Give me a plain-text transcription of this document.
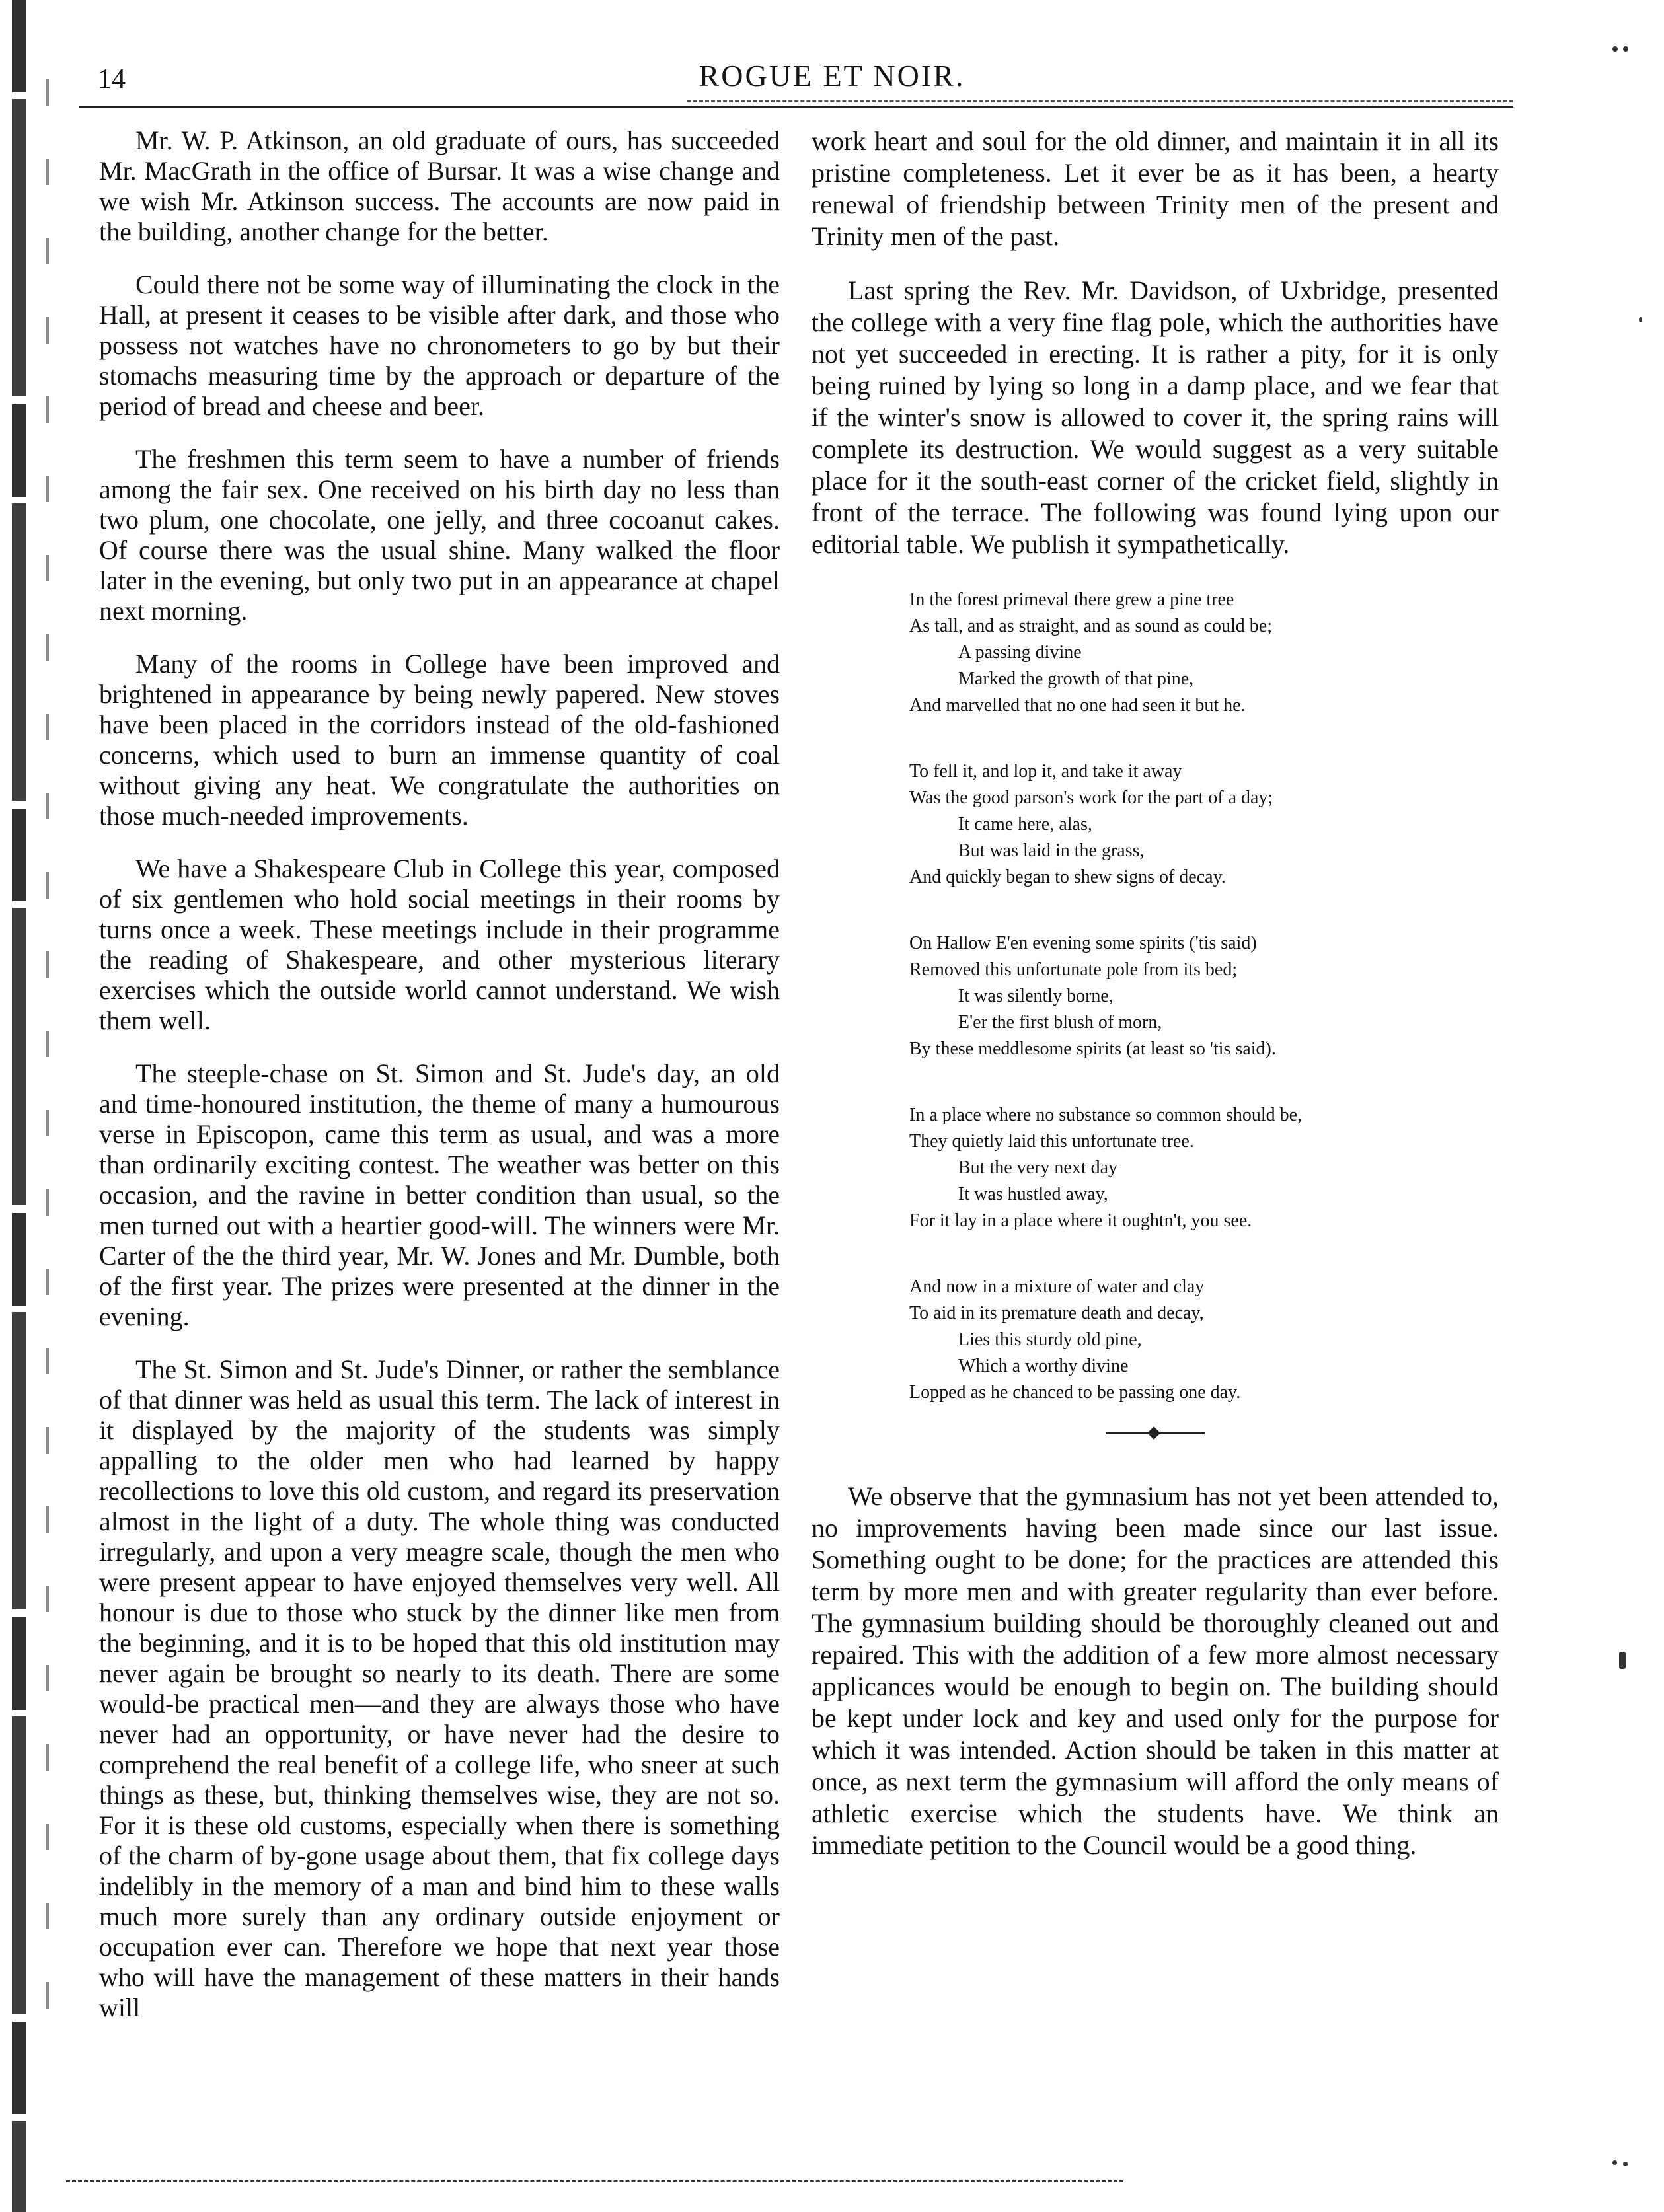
14	ROGUE ET NOIR.

Mr. W. P. Atkinson, an old graduate of ours, has succeeded Mr. MacGrath in the office of Bursar. It was a wise change and we wish Mr. Atkinson success. The accounts are now paid in the building, another change for the better.

Could there not be some way of illuminating the clock in the Hall, at present it ceases to be visible after dark, and those who possess not watches have no chronometers to go by but their stomachs measuring time by the approach or departure of the period of bread and cheese and beer.

The freshmen this term seem to have a number of friends among the fair sex. One received on his birth day no less than two plum, one chocolate, one jelly, and three cocoanut cakes. Of course there was the usual shine. Many walked the floor later in the evening, but only two put in an appearance at chapel next morning.

Many of the rooms in College have been improved and brightened in appearance by being newly papered. New stoves have been placed in the corridors instead of the old-fashioned concerns, which used to burn an immense quantity of coal without giving any heat. We congratulate the authorities on those much-needed improvements.

We have a Shakespeare Club in College this year, composed of six gentlemen who hold social meetings in their rooms by turns once a week. These meetings include in their programme the reading of Shakespeare, and other mysterious literary exercises which the outside world cannot understand. We wish them well.

The steeple-chase on St. Simon and St. Jude's day, an old and time-honoured institution, the theme of many a humourous verse in Episcopon, came this term as usual, and was a more than ordinarily exciting contest. The weather was better on this occasion, and the ravine in better condition than usual, so the men turned out with a heartier good-will. The winners were Mr. Carter of the the third year, Mr. W. Jones and Mr. Dumble, both of the first year. The prizes were presented at the dinner in the evening.

The St. Simon and St. Jude's Dinner, or rather the semblance of that dinner was held as usual this term. The lack of interest in it displayed by the majority of the students was simply appalling to the older men who had learned by happy recollections to love this old custom, and regard its preservation almost in the light of a duty. The whole thing was conducted irregularly, and upon a very meagre scale, though the men who were present appear to have enjoyed themselves very well. All honour is due to those who stuck by the dinner like men from the beginning, and it is to be hoped that this old institution may never again be brought so nearly to its death. There are some would-be practical men—and they are always those who have never had an opportunity, or have never had the desire to comprehend the real benefit of a college life, who sneer at such things as these, but, thinking themselves wise, they are not so. For it is these old customs, especially when there is something of the charm of by-gone usage about them, that fix college days indelibly in the memory of a man and bind him to these walls much more surely than any ordinary outside enjoyment or occupation ever can. Therefore we hope that next year those who will have the management of these matters in their hands will

work heart and soul for the old dinner, and maintain it in all its pristine completeness. Let it ever be as it has been, a hearty renewal of friendship between Trinity men of the present and Trinity men of the past.

Last spring the Rev. Mr. Davidson, of Uxbridge, presented the college with a very fine flag pole, which the authorities have not yet succeeded in erecting. It is rather a pity, for it is only being ruined by lying so long in a damp place, and we fear that if the winter's snow is allowed to cover it, the spring rains will complete its destruction. We would suggest as a very suitable place for it the south-east corner of the cricket field, slightly in front of the terrace. The following was found lying upon our editorial table. We publish it sympathetically.

In the forest primeval there grew a pine tree
As tall, and as straight, and as sound as could be;
A passing divine
Marked the growth of that pine,
And marvelled that no one had seen it but he.
To fell it, and lop it, and take it away
Was the good parson's work for the part of a day;
It came here, alas,
But was laid in the grass,
And quickly began to shew signs of decay.
On Hallow E'en evening some spirits ('tis said)
Removed this unfortunate pole from its bed;
It was silently borne,
E'er the first blush of morn,
By these meddlesome spirits (at least so 'tis said).
In a place where no substance so common should be,
They quietly laid this unfortunate tree.
But the very next day
It was hustled away,
For it lay in a place where it oughtn't, you see.
And now in a mixture of water and clay
To aid in its premature death and decay,
Lies this sturdy old pine,
Which a worthy divine
Lopped as he chanced to be passing one day.

We observe that the gymnasium has not yet been attended to, no improvements having been made since our last issue. Something ought to be done; for the practices are attended this term by more men and with greater regularity than ever before. The gymnasium building should be thoroughly cleaned out and repaired. This with the addition of a few more almost necessary applicances would be enough to begin on. The building should be kept under lock and key and used only for the purpose for which it was intended. Action should be taken in this matter at once, as next term the gymnasium will afford the only means of athletic exercise which the students have. We think an immediate petition to the Council would be a good thing.
